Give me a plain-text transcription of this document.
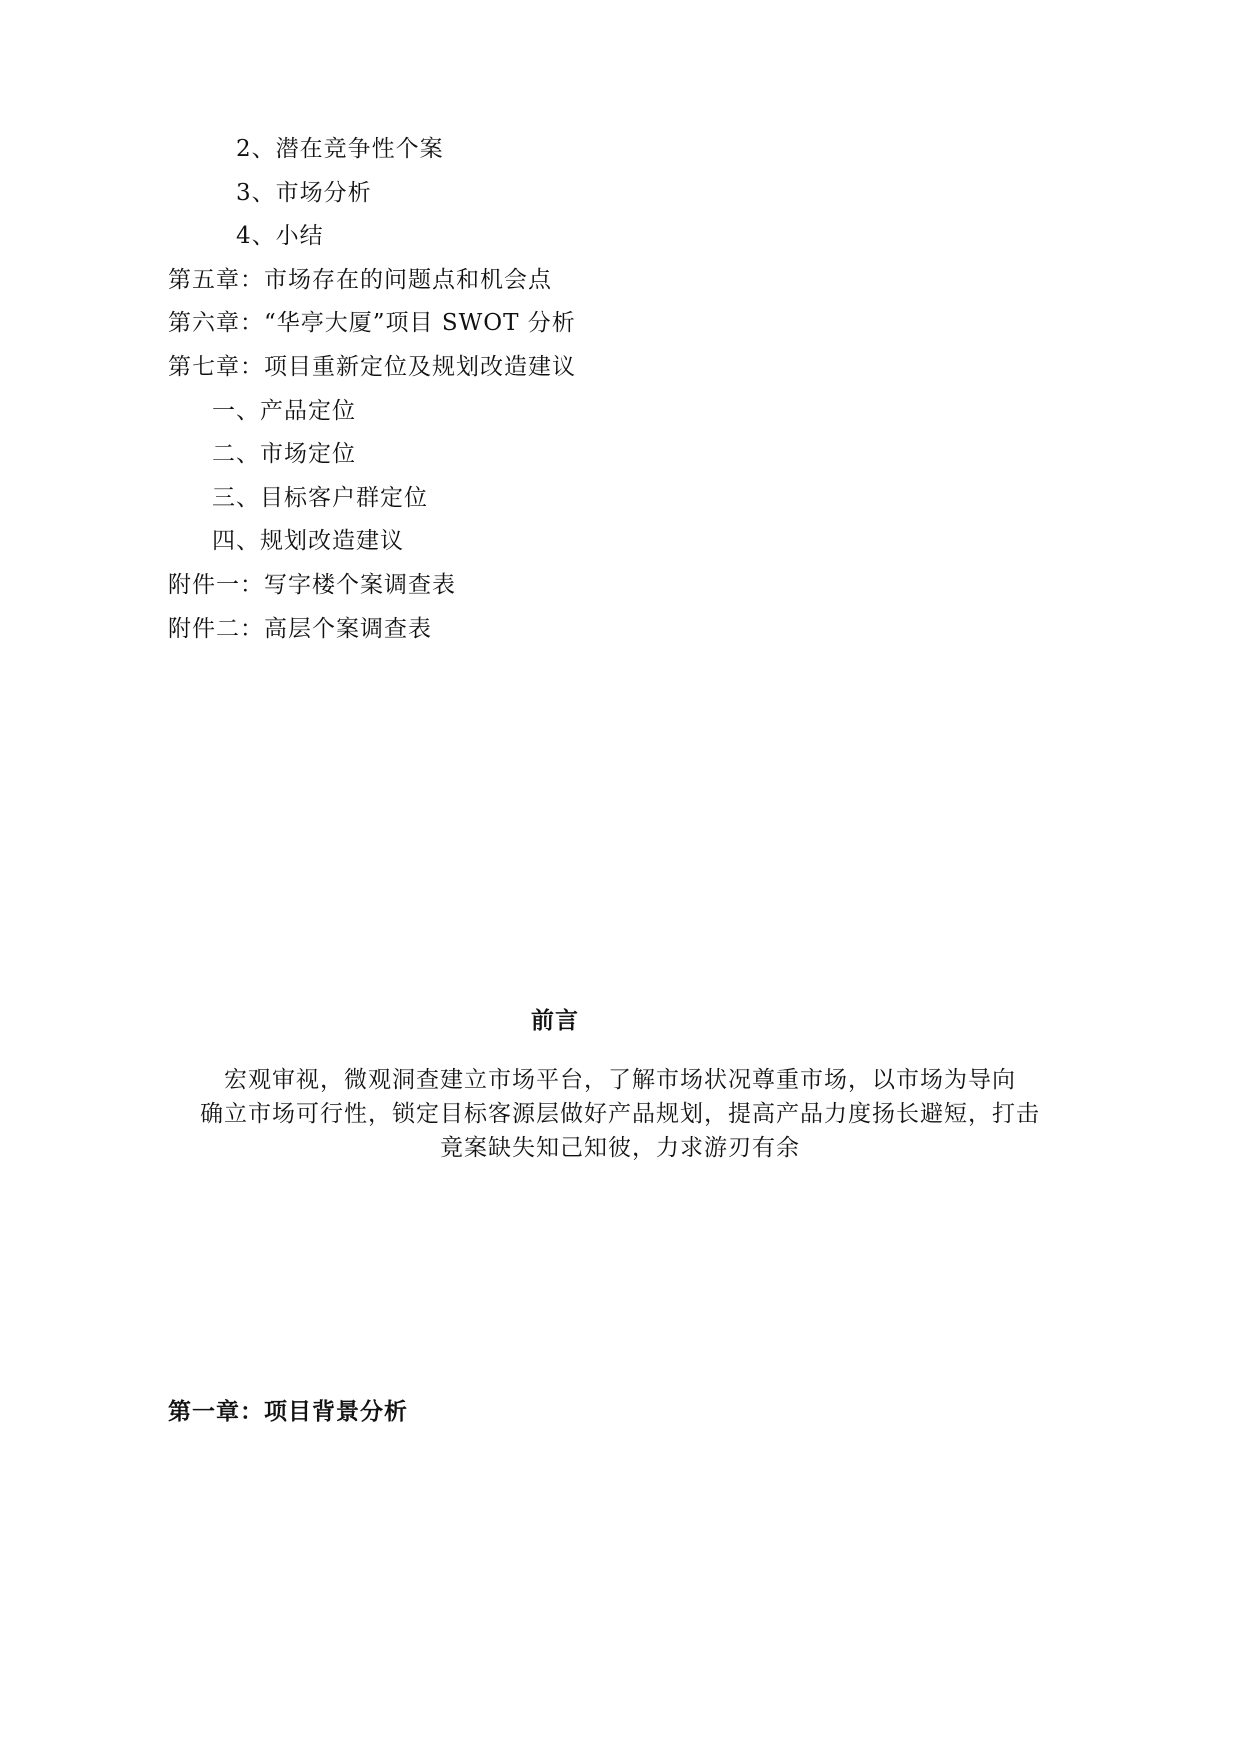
2、潜在竞争性个案
3、市场分析
4、小结
第五章：市场存在的问题点和机会点
第六章：“华亭大厦”项目 SWOT 分析
第七章：项目重新定位及规划改造建议
一、产品定位
二、市场定位
三、目标客户群定位
四、规划改造建议
附件一：写字楼个案调查表
附件二：高层个案调查表
前言

宏观审视，微观洞查建立市场平台，了解市场状况尊重市场，以市场为导向

确立市场可行性，锁定目标客源层做好产品规划，提高产品力度扬长避短，打击

竟案缺失知己知彼，力求游刃有余

第一章：项目背景分析
